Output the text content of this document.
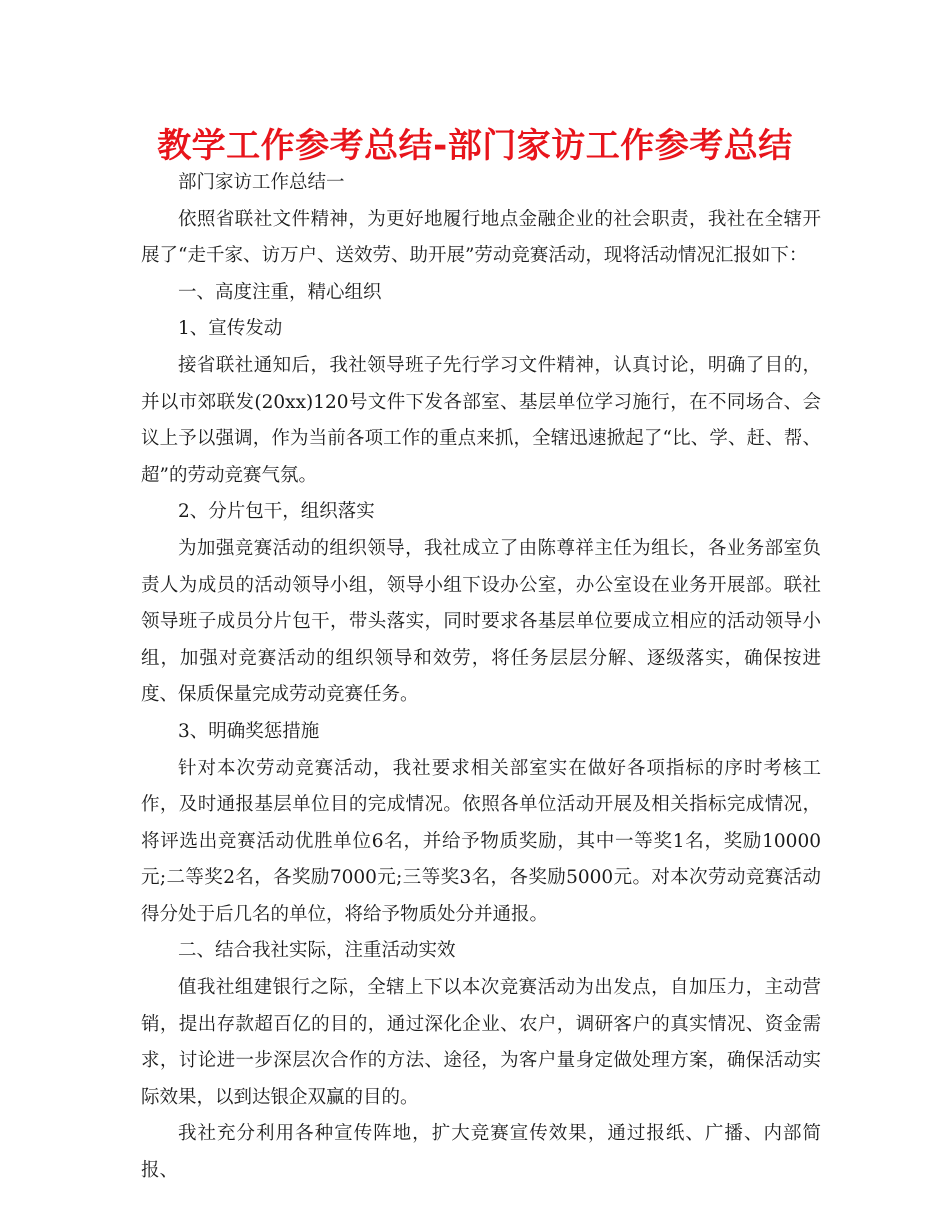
教学工作参考总结-部门家访工作参考总结

部门家访工作总结一

依照省联社文件精神，为更好地履行地点金融企业的社会职责，我社在全辖开展了“走千家、访万户、送效劳、助开展”劳动竞赛活动，现将活动情况汇报如下：

一、高度注重，精心组织

1、宣传发动

接省联社通知后，我社领导班子先行学习文件精神，认真讨论，明确了目的，并以市郊联发(20xx)120号文件下发各部室、基层单位学习施行，在不同场合、会议上予以强调，作为当前各项工作的重点来抓，全辖迅速掀起了“比、学、赶、帮、超”的劳动竞赛气氛。

2、分片包干，组织落实

为加强竞赛活动的组织领导，我社成立了由陈尊祥主任为组长，各业务部室负责人为成员的活动领导小组，领导小组下设办公室，办公室设在业务开展部。联社领导班子成员分片包干，带头落实，同时要求各基层单位要成立相应的活动领导小组，加强对竞赛活动的组织领导和效劳，将任务层层分解、逐级落实，确保按进度、保质保量完成劳动竞赛任务。

3、明确奖惩措施

针对本次劳动竞赛活动，我社要求相关部室实在做好各项指标的序时考核工作，及时通报基层单位目的完成情况。依照各单位活动开展及相关指标完成情况，将评选出竞赛活动优胜单位6名，并给予物质奖励，其中一等奖1名，奖励10000元;二等奖2名，各奖励7000元;三等奖3名，各奖励5000元。对本次劳动竞赛活动得分处于后几名的单位，将给予物质处分并通报。

二、结合我社实际，注重活动实效

值我社组建银行之际，全辖上下以本次竞赛活动为出发点，自加压力，主动营销，提出存款超百亿的目的，通过深化企业、农户，调研客户的真实情况、资金需求，讨论进一步深层次合作的方法、途径，为客户量身定做处理方案，确保活动实际效果，以到达银企双赢的目的。

我社充分利用各种宣传阵地，扩大竞赛宣传效果，通过报纸、广播、内部简报、
